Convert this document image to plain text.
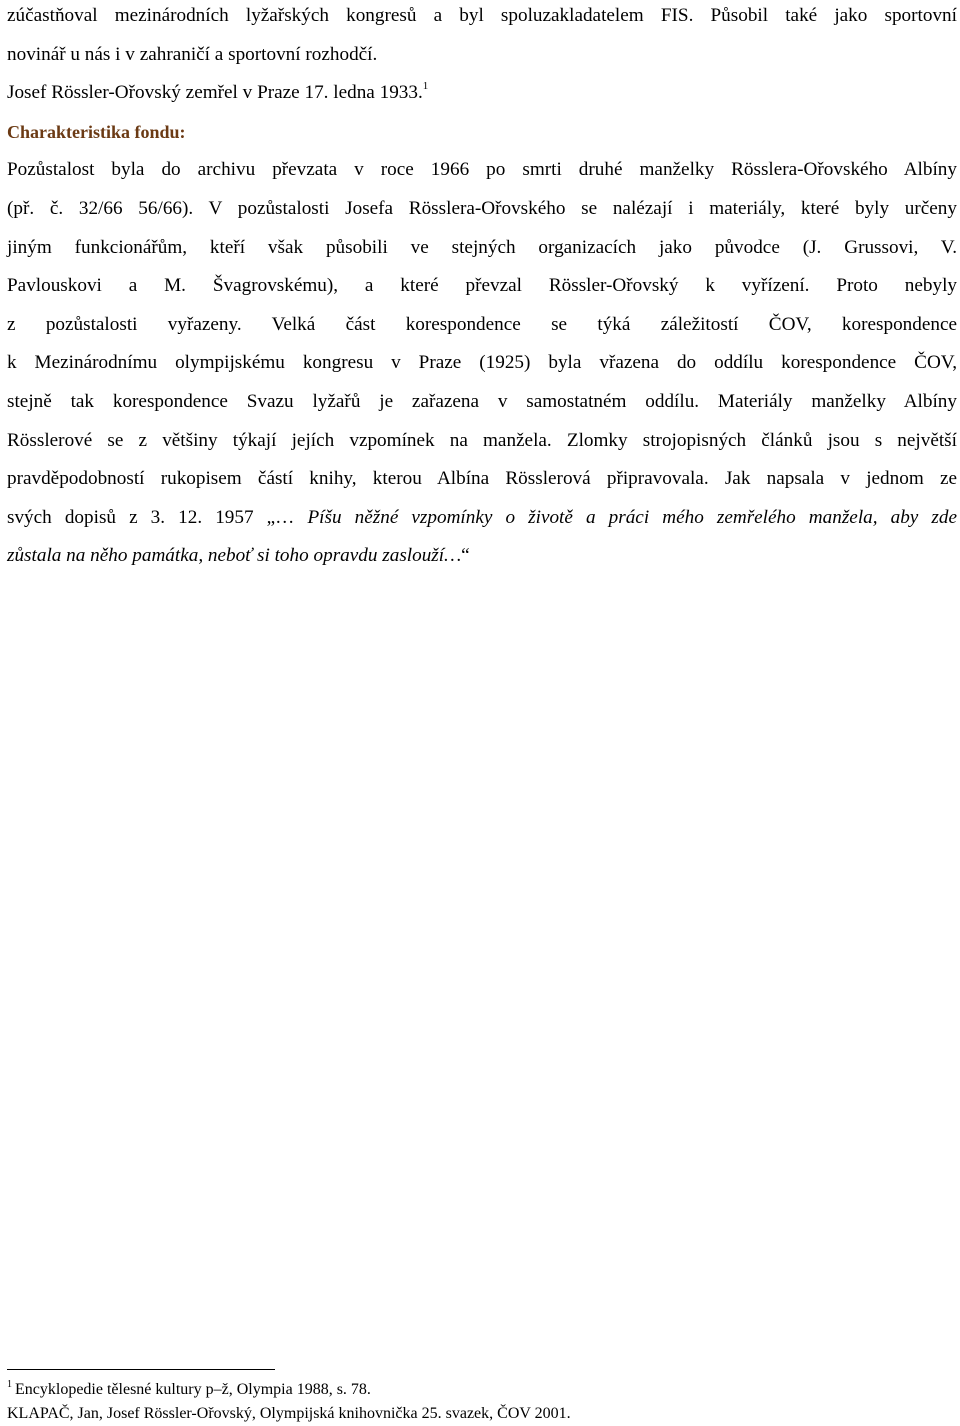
zúčastňoval mezinárodních lyžařských kongresů a byl spoluzakladatelem FIS. Působil také jako sportovní
novinář u nás i v zahraničí a sportovní rozhodčí.
Josef Rössler-Ořovský zemřel v Praze 17. ledna 1933.$^1$
Charakteristika fondu:
Pozůstalost byla do archivu převzata v roce 1966 po smrti druhé manželky Rösslera-Ořovského Albíny
(př. č. 32/66 56/66). V pozůstalosti Josefa Rösslera-Ořovského se nalézají i materiály, které byly určeny
jiným funkcionářům, kteří však působili ve stejných organizacích jako původce (J. Grussovi, V.
Pavlouskovi a M. Švagrovskému), a které převzal Rössler-Ořovský k vyřízení. Proto nebyly
z pozůstalosti vyřazeny. Velká část korespondence se týká záležitostí ČOV, korespondence
k Mezinárodnímu olympijskému kongresu v Praze (1925) byla vřazena do oddílu korespondence ČOV,
stejně tak korespondence Svazu lyžařů je zařazena v samostatném oddílu. Materiály manželky Albíny
Rösslerové se z většiny týkají jejích vzpomínek na manžela. Zlomky strojopisných článků jsou s největší
pravděpodobností rukopisem částí knihy, kterou Albína Rösslerová připravovala. Jak napsala v jednom ze
svých dopisů z 3. 12. 1957 „… Píšu něžné vzpomínky o životě a práci mého zemřelého manžela, aby zde
zůstala na něho památka, neboť si toho opravdu zaslouží…“
$^1$ Encyklopedie tělesné kultury p–ž, Olympia 1988, s. 78.
KLAPAČ, Jan, Josef Rössler-Ořovský, Olympijská knihovnička 25. svazek, ČOV 2001.
